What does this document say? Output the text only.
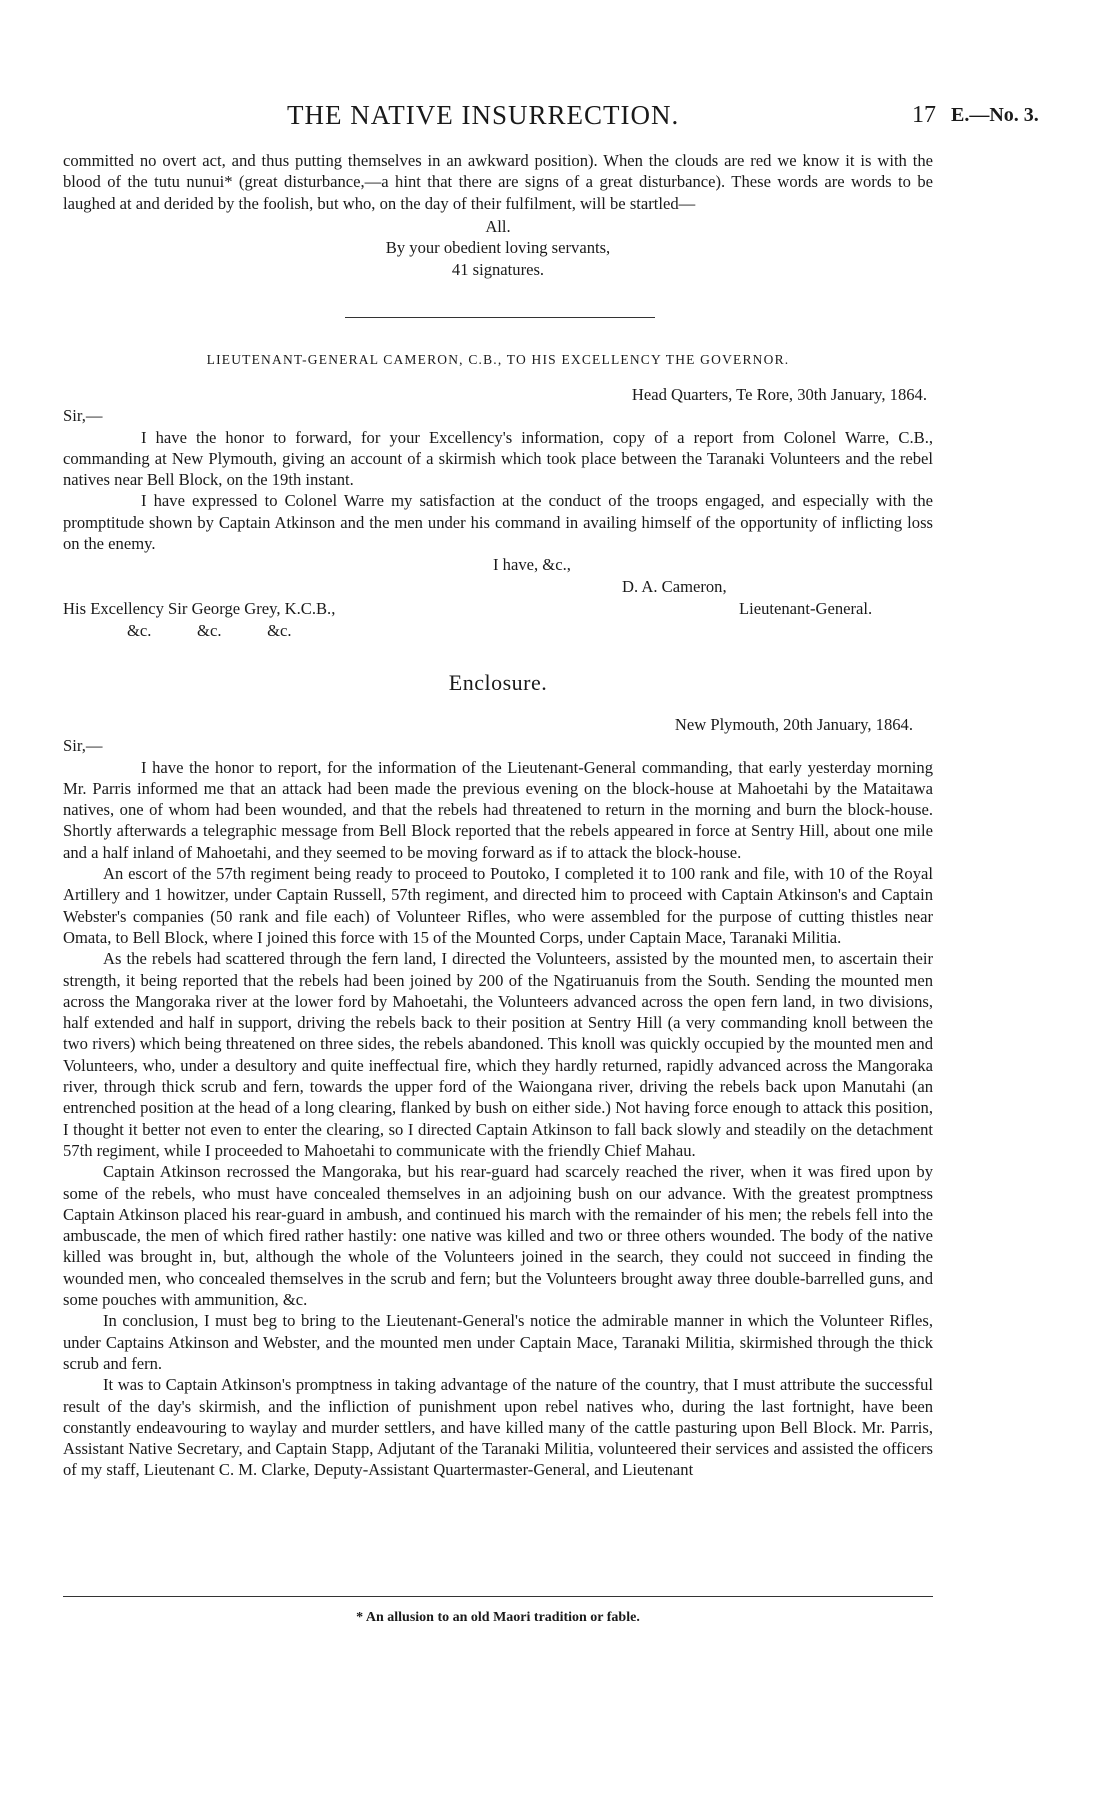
THE NATIVE INSURRECTION.	17 E.—No. 3.

committed no overt act, and thus putting themselves in an awkward position). When the clouds are red we know it is with the blood of the tutu nunui* (great disturbance,—a hint that there are signs of a great disturbance). These words are words to be laughed at and derided by the foolish, but who, on the day of their fulfilment, will be startled—

All.
By your obedient loving servants,
41 signatures.
LIEUTENANT-GENERAL CAMERON, C.B., TO HIS EXCELLENCY THE GOVERNOR.
Head Quarters, Te Rore, 30th January, 1864.
Sir,—

I have the honor to forward, for your Excellency's information, copy of a report from Colonel Warre, C.B., commanding at New Plymouth, giving an account of a skirmish which took place between the Taranaki Volunteers and the rebel natives near Bell Block, on the 19th instant.

I have expressed to Colonel Warre my satisfaction at the conduct of the troops engaged, and especially with the promptitude shown by Captain Atkinson and the men under his command in availing himself of the opportunity of inflicting loss on the enemy.

I have, &c.,
D. A. Cameron,
His Excellency Sir George Grey, K.C.B.,	Lieutenant-General.
&c.           &c.           &c.
Enclosure.
New Plymouth, 20th January, 1864.
Sir,—

I have the honor to report, for the information of the Lieutenant-General commanding, that early yesterday morning Mr. Parris informed me that an attack had been made the previous evening on the block-house at Mahoetahi by the Mataitawa natives, one of whom had been wounded, and that the rebels had threatened to return in the morning and burn the block-house. Shortly afterwards a telegraphic message from Bell Block reported that the rebels appeared in force at Sentry Hill, about one mile and a half inland of Mahoetahi, and they seemed to be moving forward as if to attack the block-house.

An escort of the 57th regiment being ready to proceed to Poutoko, I completed it to 100 rank and file, with 10 of the Royal Artillery and 1 howitzer, under Captain Russell, 57th regiment, and directed him to proceed with Captain Atkinson's and Captain Webster's companies (50 rank and file each) of Volunteer Rifles, who were assembled for the purpose of cutting thistles near Omata, to Bell Block, where I joined this force with 15 of the Mounted Corps, under Captain Mace, Taranaki Militia.

As the rebels had scattered through the fern land, I directed the Volunteers, assisted by the mounted men, to ascertain their strength, it being reported that the rebels had been joined by 200 of the Ngatiruanuis from the South. Sending the mounted men across the Mangoraka river at the lower ford by Mahoetahi, the Volunteers advanced across the open fern land, in two divisions, half extended and half in support, driving the rebels back to their position at Sentry Hill (a very commanding knoll between the two rivers) which being threatened on three sides, the rebels abandoned. This knoll was quickly occupied by the mounted men and Volunteers, who, under a desultory and quite ineffectual fire, which they hardly returned, rapidly advanced across the Mangoraka river, through thick scrub and fern, towards the upper ford of the Waiongana river, driving the rebels back upon Manutahi (an entrenched position at the head of a long clearing, flanked by bush on either side.) Not having force enough to attack this position, I thought it better not even to enter the clearing, so I directed Captain Atkinson to fall back slowly and steadily on the detachment 57th regiment, while I proceeded to Mahoetahi to communicate with the friendly Chief Mahau.

Captain Atkinson recrossed the Mangoraka, but his rear-guard had scarcely reached the river, when it was fired upon by some of the rebels, who must have concealed themselves in an adjoining bush on our advance. With the greatest promptness Captain Atkinson placed his rear-guard in ambush, and continued his march with the remainder of his men; the rebels fell into the ambuscade, the men of which fired rather hastily: one native was killed and two or three others wounded. The body of the native killed was brought in, but, although the whole of the Volunteers joined in the search, they could not succeed in finding the wounded men, who concealed themselves in the scrub and fern; but the Volunteers brought away three double-barrelled guns, and some pouches with ammunition, &c.

In conclusion, I must beg to bring to the Lieutenant-General's notice the admirable manner in which the Volunteer Rifles, under Captains Atkinson and Webster, and the mounted men under Captain Mace, Taranaki Militia, skirmished through the thick scrub and fern.

It was to Captain Atkinson's promptness in taking advantage of the nature of the country, that I must attribute the successful result of the day's skirmish, and the infliction of punishment upon rebel natives who, during the last fortnight, have been constantly endeavouring to waylay and murder settlers, and have killed many of the cattle pasturing upon Bell Block. Mr. Parris, Assistant Native Secretary, and Captain Stapp, Adjutant of the Taranaki Militia, volunteered their services and assisted the officers of my staff, Lieutenant C. M. Clarke, Deputy-Assistant Quartermaster-General, and Lieutenant

* An allusion to an old Maori tradition or fable.
